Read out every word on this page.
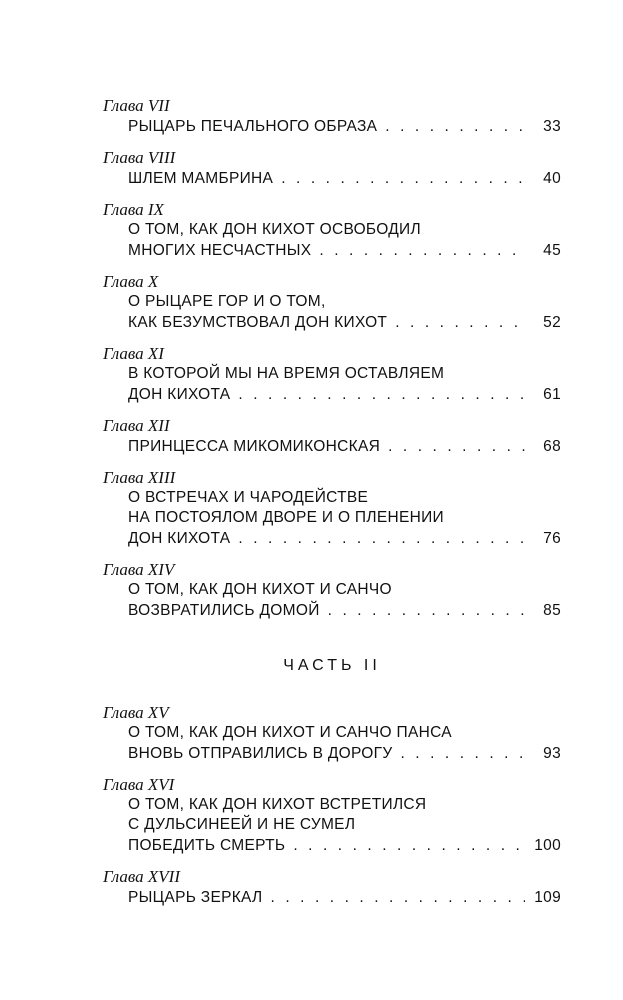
Глава VII
РЫЦАРЬ ПЕЧАЛЬНОГО ОБРАЗА . . .	33
Глава VIII
ШЛЕМ МАМБРИНА . . .	40
Глава IX
О ТОМ, КАК ДОН КИХОТ ОСВОБОДИЛ
МНОГИХ НЕСЧАСТНЫХ . . .	45
Глава X
О РЫЦАРЕ ГОР И О ТОМ,
КАК БЕЗУМСТВОВАЛ ДОН КИХОТ . . .	52
Глава XI
В КОТОРОЙ МЫ НА ВРЕМЯ ОСТАВЛЯЕМ
ДОН КИХОТА . . .	61
Глава XII
ПРИНЦЕССА МИКОМИКОНСКАЯ . . .	68
Глава XIII
О ВСТРЕЧАХ И ЧАРОДЕЙСТВЕ
НА ПОСТОЯЛОМ ДВОРЕ И О ПЛЕНЕНИИ
ДОН КИХОТА . . .	76
Глава XIV
О ТОМ, КАК ДОН КИХОТ И САНЧО
ВОЗВРАТИЛИСЬ ДОМОЙ . . .	85
ЧАСТЬ II
Глава XV
О ТОМ, КАК ДОН КИХОТ И САНЧО ПАНСА
ВНОВЬ ОТПРАВИЛИСЬ В ДОРОГУ . . .	93
Глава XVI
О ТОМ, КАК ДОН КИХОТ ВСТРЕТИЛСЯ
С ДУЛЬСИНЕЕЙ И НЕ СУМЕЛ
ПОБЕДИТЬ СМЕРТЬ . . .	100
Глава XVII
РЫЦАРЬ ЗЕРКАЛ . . .	109
